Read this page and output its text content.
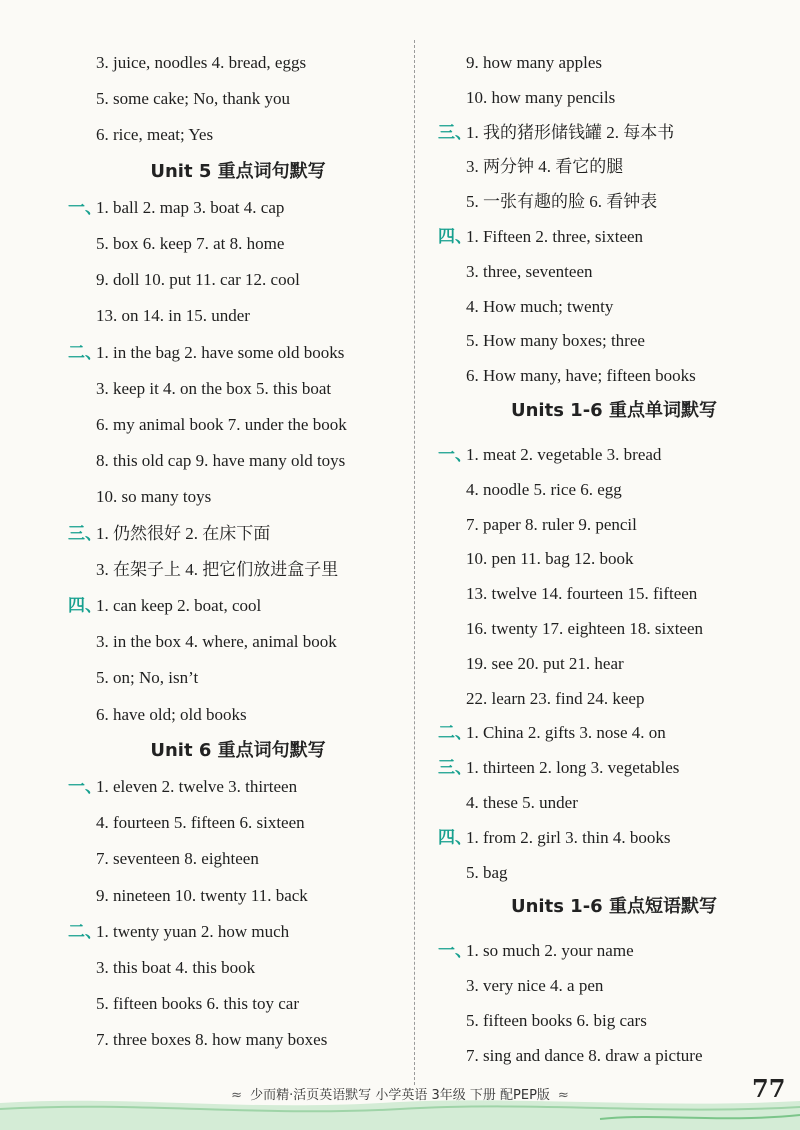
3. juice, noodles 4. bread, eggs
5. some cake; No, thank you
6. rice, meat; Yes
Unit 5 重点词句默写
一、
1. ball 2. map 3. boat 4. cap
5. box 6. keep 7. at 8. home
9. doll 10. put 11. car 12. cool
13. on 14. in 15. under
二、
1. in the bag 2. have some old books
3. keep it 4. on the box 5. this boat
6. my animal book 7. under the book
8. this old cap 9. have many old toys
10. so many toys
三、
1. 仍然很好 2. 在床下面
3. 在架子上 4. 把它们放进盒子里
四、
1. can keep 2. boat, cool
3. in the box 4. where, animal book
5. on; No, isn’t
6. have old; old books
Unit 6 重点词句默写
一、
1. eleven 2. twelve 3. thirteen
4. fourteen 5. fifteen 6. sixteen
7. seventeen 8. eighteen
9. nineteen 10. twenty 11. back
二、
1. twenty yuan 2. how much
3. this boat 4. this book
5. fifteen books 6. this toy car
7. three boxes 8. how many boxes
9. how many apples
10. how many pencils
三、
1. 我的猪形储钱罐 2. 每本书
3. 两分钟 4. 看它的腿
5. 一张有趣的脸 6. 看钟表
四、
1. Fifteen 2. three, sixteen
3. three, seventeen
4. How much; twenty
5. How many boxes; three
6. How many, have; fifteen books
Units 1-6 重点单词默写
一、
1. meat 2. vegetable 3. bread
4. noodle 5. rice 6. egg
7. paper 8. ruler 9. pencil
10. pen 11. bag 12. book
13. twelve 14. fourteen 15. fifteen
16. twenty 17. eighteen 18. sixteen
19. see 20. put 21. hear
22. learn 23. find 24. keep
二、
1. China 2. gifts 3. nose 4. on
三、
1. thirteen 2. long 3. vegetables
4. these 5. under
四、
1. from 2. girl 3. thin 4. books
5. bag
Units 1-6 重点短语默写
一、
1. so much 2. your name
3. very nice 4. a pen
5. fifteen books 6. big cars
7. sing and dance 8. draw a picture
≈ 少而精·活页英语默写 小学英语 3年级 下册 配PEP版 ≈	77
